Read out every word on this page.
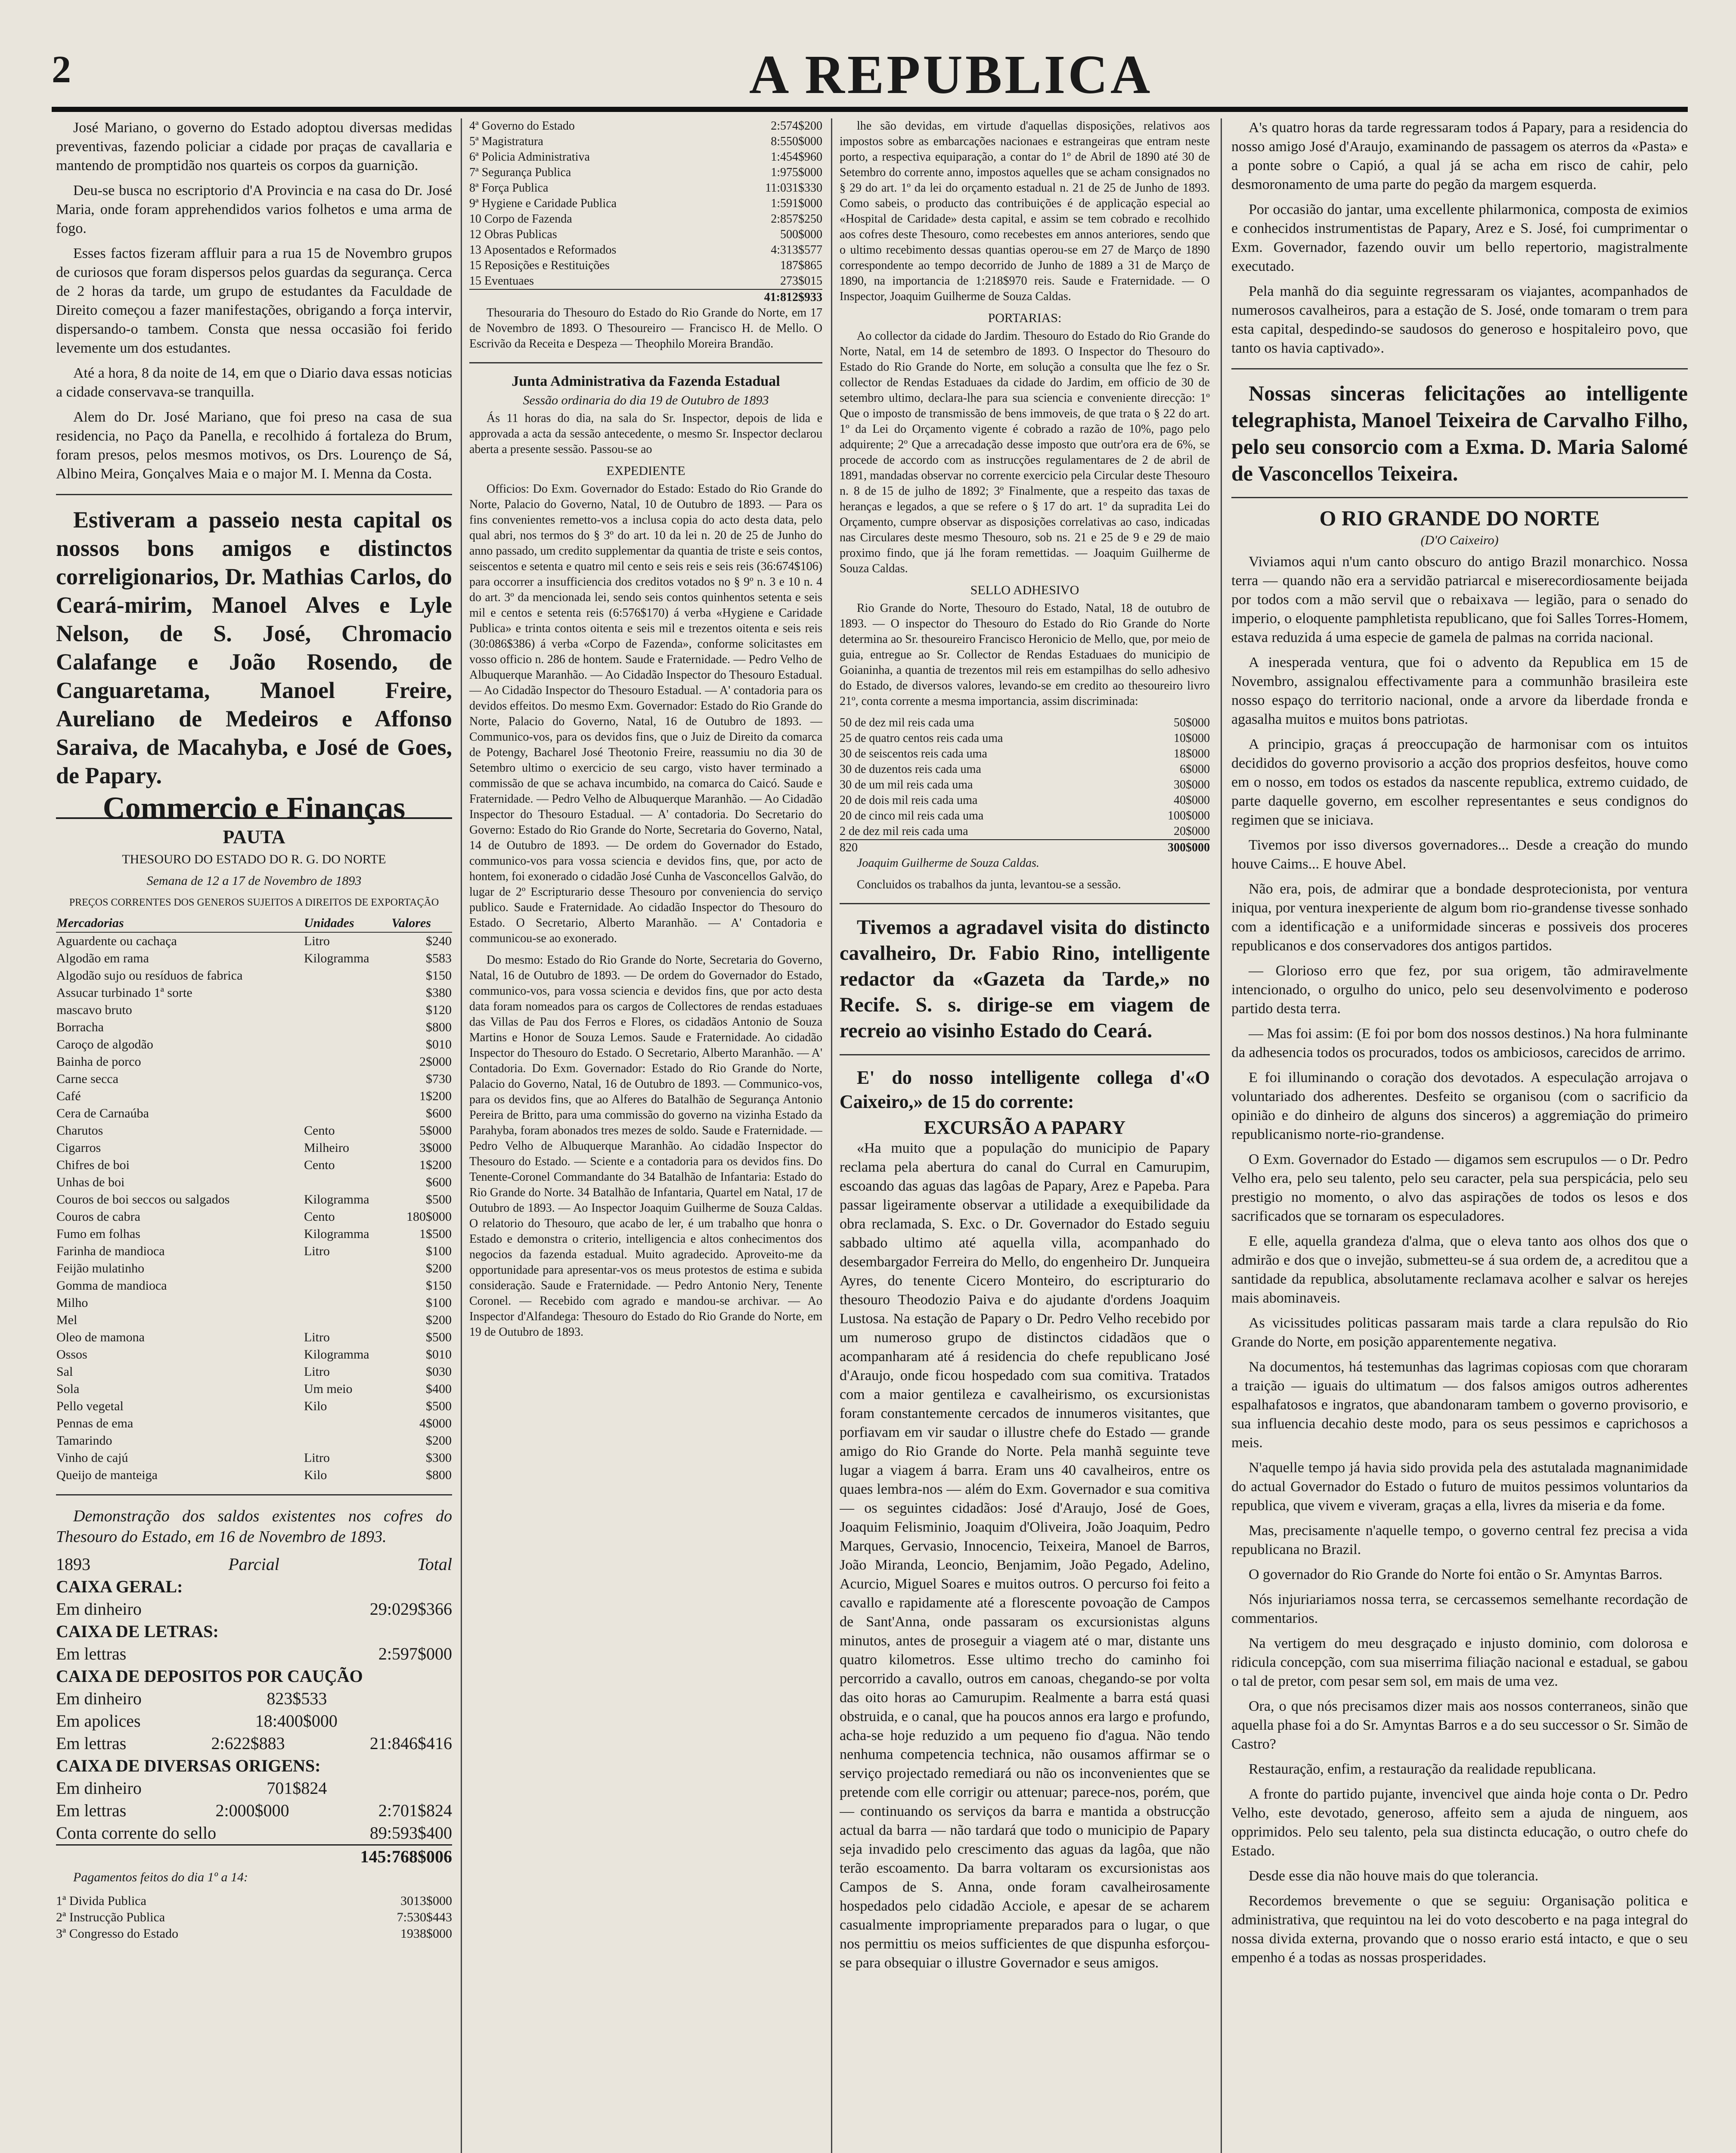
2	A REPUBLICA

José Mariano, o governo do Estado adoptou diversas medidas preventivas, fazendo policiar a cidade por praças de cavallaria e mantendo de promptidão nos quarteis os corpos da guarnição.

Deu-se busca no escriptorio d'A Provincia e na casa do Dr. José Maria, onde foram apprehendidos varios folhetos e uma arma de fogo.

Esses factos fizeram affluir para a rua 15 de Novembro grupos de curiosos que foram dispersos pelos guardas da segurança. Cerca de 2 horas da tarde, um grupo de estudantes da Faculdade de Direito começou a fazer manifestações, obrigando a força intervir, dispersando-o tambem. Consta que nessa occasião foi ferido levemente um dos estudantes.

Até a hora, 8 da noite de 14, em que o Diario dava essas noticias a cidade conservava-se tranquilla.

Alem do Dr. José Mariano, que foi preso na casa de sua residencia, no Paço da Panella, e recolhido á fortaleza do Brum, foram presos, pelos mesmos motivos, os Drs. Lourenço de Sá, Albino Meira, Gonçalves Maia e o major M. I. Menna da Costa.

Estiveram a passeio nesta capital os nossos bons amigos e distinctos correligionarios, Dr. Mathias Carlos, do Ceará-mirim, Manoel Alves e Lyle Nelson, de S. José, Chromacio Calafange e João Rosendo, de Canguaretama, Manoel Freire, Aureliano de Medeiros e Affonso Saraiva, de Macahyba, e José de Goes, de Papary.

Commercio e Finanças
PAUTA
THESOURO DO ESTADO DO R. G. DO NORTE
Semana de 12 a 17 de Novembro de 1893
PREÇOS CORRENTES DOS GENEROS SUJEITOS A DIREITOS DE EXPORTAÇÃO
Mercadorias	Unidades	Valores
Aguardente ou cachaça	Litro	$240
Algodão em rama	Kilogramma	$583
Algodão sujo ou resíduos de fabrica		$150
Assucar turbinado 1ª sorte		$380
mascavo bruto		$120
Borracha		$800
Caroço de algodão		$010
Bainha de porco		2$000
Carne secca		$730
Café		1$200
Cera de Carnaúba		$600
Charutos	Cento	5$000
Cigarros	Milheiro	3$000
Chifres de boi	Cento	1$200
Unhas de boi		$600
Couros de boi seccos ou salgados	Kilogramma	$500
Couros de cabra	Cento	180$000
Fumo em folhas	Kilogramma	1$500
Farinha de mandioca	Litro	$100
Feijão mulatinho		$200
Gomma de mandioca		$150
Milho		$100
Mel		$200
Oleo de mamona	Litro	$500
Ossos	Kilogramma	$010
Sal	Litro	$030
Sola	Um meio	$400
Pello vegetal	Kilo	$500
Pennas de ema		4$000
Tamarindo		$200
Vinho de cajú	Litro	$300
Queijo de manteiga	Kilo	$800

Demonstração dos saldos existentes nos cofres do Thesouro do Estado, em 16 de Novembro de 1893.

1893	Parcial	Total
CAIXA GERAL:
Em dinheiro	29:029$366
CAIXA DE LETRAS:
Em lettras	2:597$000
CAIXA DE DEPOSITOS POR CAUÇÃO
Em dinheiro	823$533
Em apolices	18:400$000
Em lettras	2:622$883	21:846$416
CAIXA DE DIVERSAS ORIGENS:
Em dinheiro	701$824
Em lettras	2:000$000	2:701$824
Conta corrente do sello	89:593$400
145:768$006

Pagamentos feitos do dia 1º a 14:

1ª Divida Publica	3013$000
2ª Instrucção Publica	7:530$443
3ª Congresso do Estado	1938$000
4ª Governo do Estado	2:574$200
5ª Magistratura	8:550$000
6ª Policia Administrativa	1:454$960
7ª Segurança Publica	1:975$000
8ª Força Publica	11:031$330
9ª Hygiene e Caridade Publica	1:591$000
10 Corpo de Fazenda	2:857$250
12 Obras Publicas	500$000
13 Aposentados e Reformados	4:313$577
15 Reposições e Restituições	187$865
15 Eventuaes	273$015
41:812$933

Thesouraria do Thesouro do Estado do Rio Grande do Norte, em 17 de Novembro de 1893. O Thesoureiro — Francisco H. de Mello. O Escrivão da Receita e Despeza — Theophilo Moreira Brandão.

Junta Administrativa da Fazenda Estadual
Sessão ordinaria do dia 19 de Outubro de 1893

Ás 11 horas do dia, na sala do Sr. Inspector, depois de lida e approvada a acta da sessão antecedente, o mesmo Sr. Inspector declarou aberta a presente sessão. Passou-se ao

EXPEDIENTE

Officios: Do Exm. Governador do Estado: Estado do Rio Grande do Norte, Palacio do Governo, Natal, 10 de Outubro de 1893. — Para os fins convenientes remetto-vos a inclusa copia do acto desta data, pelo qual abri, nos termos do § 3º do art. 10 da lei n. 20 de 25 de Junho do anno passado, um credito supplementar da quantia de triste e seis contos, seiscentos e setenta e quatro mil cento e seis reis e seis reis (36:674$106) para occorrer a insufficiencia dos creditos votados no § 9º n. 3 e 10 n. 4 do art. 3º da mencionada lei, sendo seis contos quinhentos setenta e seis mil e centos e setenta reis (6:576$170) á verba «Hygiene e Caridade Publica» e trinta contos oitenta e seis mil e trezentos oitenta e seis reis (30:086$386) á verba «Corpo de Fazenda», conforme solicitastes em vosso officio n. 286 de hontem. Saude e Fraternidade. — Pedro Velho de Albuquerque Maranhão. — Ao Cidadão Inspector do Thesouro Estadual. — Ao Cidadão Inspector do Thesouro Estadual. — A' contadoria para os devidos effeitos. Do mesmo Exm. Governador: Estado do Rio Grande do Norte, Palacio do Governo, Natal, 16 de Outubro de 1893. — Communico-vos, para os devidos fins, que o Juiz de Direito da comarca de Potengy, Bacharel José Theotonio Freire, reassumiu no dia 30 de Setembro ultimo o exercicio de seu cargo, visto haver terminado a commissão de que se achava incumbido, na comarca do Caicó. Saude e Fraternidade. — Pedro Velho de Albuquerque Maranhão. — Ao Cidadão Inspector do Thesouro Estadual. — A' contadoria. Do Secretario do Governo: Estado do Rio Grande do Norte, Secretaria do Governo, Natal, 14 de Outubro de 1893. — De ordem do Governador do Estado, communico-vos para vossa sciencia e devidos fins, que, por acto de hontem, foi exonerado o cidadão José Cunha de Vasconcellos Galvão, do lugar de 2º Escripturario desse Thesouro por conveniencia do serviço publico. Saude e Fraternidade. Ao cidadão Inspector do Thesouro do Estado. O Secretario, Alberto Maranhão. — A' Contadoria e communicou-se ao exonerado.

Do mesmo: Estado do Rio Grande do Norte, Secretaria do Governo, Natal, 16 de Outubro de 1893. — De ordem do Governador do Estado, communico-vos, para vossa sciencia e devidos fins, que por acto desta data foram nomeados para os cargos de Collectores de rendas estaduaes das Villas de Pau dos Ferros e Flores, os cidadãos Antonio de Souza Martins e Honor de Souza Lemos. Saude e Fraternidade. Ao cidadão Inspector do Thesouro do Estado. O Secretario, Alberto Maranhão. — A' Contadoria. Do Exm. Governador: Estado do Rio Grande do Norte, Palacio do Governo, Natal, 16 de Outubro de 1893. — Communico-vos, para os devidos fins, que ao Alferes do Batalhão de Segurança Antonio Pereira de Britto, para uma commissão do governo na vizinha Estado da Parahyba, foram abonados tres mezes de soldo. Saude e Fraternidade. — Pedro Velho de Albuquerque Maranhão. Ao cidadão Inspector do Thesouro do Estado. — Sciente e a contadoria para os devidos fins. Do Tenente-Coronel Commandante do 34 Batalhão de Infantaria: Estado do Rio Grande do Norte. 34 Batalhão de Infantaria, Quartel em Natal, 17 de Outubro de 1893. — Ao Inspector Joaquim Guilherme de Souza Caldas. O relatorio do Thesouro, que acabo de ler, é um trabalho que honra o Estado e demonstra o criterio, intelligencia e altos conhecimentos dos negocios da fazenda estadual. Muito agradecido. Aproveito-me da opportunidade para apresentar-vos os meus protestos de estima e subida consideração. Saude e Fraternidade. — Pedro Antonio Nery, Tenente Coronel. — Recebido com agrado e mandou-se archivar. — Ao Inspector d'Alfandega: Thesouro do Estado do Rio Grande do Norte, em 19 de Outubro de 1893.

lhe são devidas, em virtude d'aquellas disposições, relativos aos impostos sobre as embarcações nacionaes e estrangeiras que entram neste porto, a respectiva equiparação, a contar do 1º de Abril de 1890 até 30 de Setembro do corrente anno, impostos aquelles que se acham consignados no § 29 do art. 1º da lei do orçamento estadual n. 21 de 25 de Junho de 1893. Como sabeis, o producto das contribuições é de applicação especial ao «Hospital de Caridade» desta capital, e assim se tem cobrado e recolhido aos cofres deste Thesouro, como recebestes em annos anteriores, sendo que o ultimo recebimento dessas quantias operou-se em 27 de Março de 1890 correspondente ao tempo decorrido de Junho de 1889 a 31 de Março de 1890, na importancia de 1:218$970 reis. Saude e Fraternidade. — O Inspector, Joaquim Guilherme de Souza Caldas.

PORTARIAS:

Ao collector da cidade do Jardim. Thesouro do Estado do Rio Grande do Norte, Natal, em 14 de setembro de 1893. O Inspector do Thesouro do Estado do Rio Grande do Norte, em solução a consulta que lhe fez o Sr. collector de Rendas Estaduaes da cidade do Jardim, em officio de 30 de setembro ultimo, declara-lhe para sua sciencia e conveniente direcção: 1º Que o imposto de transmissão de bens immoveis, de que trata o § 22 do art. 1º da Lei do Orçamento vigente é cobrado a razão de 10%, pago pelo adquirente; 2º Que a arrecadação desse imposto que outr'ora era de 6%, se procede de accordo com as instrucções regulamentares de 2 de abril de 1891, mandadas observar no corrente exercicio pela Circular deste Thesouro n. 8 de 15 de julho de 1892; 3º Finalmente, que a respeito das taxas de heranças e legados, a que se refere o § 17 do art. 1º da supradita Lei do Orçamento, cumpre observar as disposições correlativas ao caso, indicadas nas Circulares deste mesmo Thesouro, sob ns. 21 e 25 de 9 e 29 de maio proximo findo, que já lhe foram remettidas. — Joaquim Guilherme de Souza Caldas.

SELLO ADHESIVO

Rio Grande do Norte, Thesouro do Estado, Natal, 18 de outubro de 1893. — O inspector do Thesouro do Estado do Rio Grande do Norte determina ao Sr. thesoureiro Francisco Heronicio de Mello, que, por meio de guia, entregue ao Sr. Collector de Rendas Estaduaes do municipio de Goianinha, a quantia de trezentos mil reis em estampilhas do sello adhesivo do Estado, de diversos valores, levando-se em credito ao thesoureiro livro 21º, conta corrente a mesma importancia, assim discriminada:

50 de dez mil reis cada uma	50$000
25 de quatro centos reis cada uma	10$000
30 de seiscentos reis cada uma	18$000
30 de duzentos reis cada uma	6$000
30 de um mil reis cada uma	30$000
20 de dois mil reis cada uma	40$000
20 de cinco mil reis cada uma	100$000
2 de dez mil reis cada uma	20$000
820	300$000

Joaquim Guilherme de Souza Caldas.

Concluidos os trabalhos da junta, levantou-se a sessão.

Tivemos a agradavel visita do distincto cavalheiro, Dr. Fabio Rino, intelligente redactor da «Gazeta da Tarde,» no Recife. S. s. dirige-se em viagem de recreio ao visinho Estado do Ceará.

E' do nosso intelligente collega d'«O Caixeiro,» de 15 do corrente:

EXCURSÃO A PAPARY

«Ha muito que a população do municipio de Papary reclama pela abertura do canal do Curral en Camurupim, escoando das aguas das lagôas de Papary, Arez e Papeba. Para passar ligeiramente observar a utilidade a exequibilidade da obra reclamada, S. Exc. o Dr. Governador do Estado seguiu sabbado ultimo até aquella villa, acompanhado do desembargador Ferreira do Mello, do engenheiro Dr. Junqueira Ayres, do tenente Cicero Monteiro, do escripturario do thesouro Theodozio Paiva e do ajudante d'ordens Joaquim Lustosa. Na estação de Papary o Dr. Pedro Velho recebido por um numeroso grupo de distinctos cidadãos que o acompanharam até á residencia do chefe republicano José d'Araujo, onde ficou hospedado com sua comitiva. Tratados com a maior gentileza e cavalheirismo, os excursionistas foram constantemente cercados de innumeros visitantes, que porfiavam em vir saudar o illustre chefe do Estado — grande amigo do Rio Grande do Norte. Pela manhã seguinte teve lugar a viagem á barra. Eram uns 40 cavalheiros, entre os quaes lembra-nos — além do Exm. Governador e sua comitiva — os seguintes cidadãos: José d'Araujo, José de Goes, Joaquim Felisminio, Joaquim d'Oliveira, João Joaquim, Pedro Marques, Gervasio, Innocencio, Teixeira, Manoel de Barros, João Miranda, Leoncio, Benjamim, João Pegado, Adelino, Acurcio, Miguel Soares e muitos outros. O percurso foi feito a cavallo e rapidamente até a florescente povoação de Campos de Sant'Anna, onde passaram os excursionistas alguns minutos, antes de proseguir a viagem até o mar, distante uns quatro kilometros. Esse ultimo trecho do caminho foi percorrido a cavallo, outros em canoas, chegando-se por volta das oito horas ao Camurupim. Realmente a barra está quasi obstruida, e o canal, que ha poucos annos era largo e profundo, acha-se hoje reduzido a um pequeno fio d'agua. Não tendo nenhuma competencia technica, não ousamos affirmar se o serviço projectado remediará ou não os inconvenientes que se pretende com elle corrigir ou attenuar; parece-nos, porém, que — continuando os serviços da barra e mantida a obstrucção actual da barra — não tardará que todo o municipio de Papary seja invadido pelo crescimento das aguas da lagôa, que não terão escoamento. Da barra voltaram os excursionistas aos Campos de S. Anna, onde foram cavalheirosamente hospedados pelo cidadão Acciole, e apesar de se acharem casualmente impropriamente preparados para o lugar, o que nos permittiu os meios sufficientes de que dispunha esforçou-se para obsequiar o illustre Governador e seus amigos.

A's quatro horas da tarde regressaram todos á Papary, para a residencia do nosso amigo José d'Araujo, examinando de passagem os aterros da «Pasta» e a ponte sobre o Capió, a qual já se acha em risco de cahir, pelo desmoronamento de uma parte do pegão da margem esquerda.

Por occasião do jantar, uma excellente philarmonica, composta de eximios e conhecidos instrumentistas de Papary, Arez e S. José, foi cumprimentar o Exm. Governador, fazendo ouvir um bello repertorio, magistralmente executado.

Pela manhã do dia seguinte regressaram os viajantes, acompanhados de numerosos cavalheiros, para a estação de S. José, onde tomaram o trem para esta capital, despedindo-se saudosos do generoso e hospitaleiro povo, que tanto os havia captivado».

Nossas sinceras felicitações ao intelligente telegraphista, Manoel Teixeira de Carvalho Filho, pelo seu consorcio com a Exma. D. Maria Salomé de Vasconcellos Teixeira.

O RIO GRANDE DO NORTE
(D'O Caixeiro)

Viviamos aqui n'um canto obscuro do antigo Brazil monarchico. Nossa terra — quando não era a servidão patriarcal e miserecordiosamente beijada por todos com a mão servil que o rebaixava — legião, para o senado do imperio, o eloquente pamphletista republicano, que foi Salles Torres-Homem, estava reduzida á uma especie de gamela de palmas na corrida nacional.

A inesperada ventura, que foi o advento da Republica em 15 de Novembro, assignalou effectivamente para a communhão brasileira este nosso espaço do territorio nacional, onde a arvore da liberdade fronda e agasalha muitos e muitos bons patriotas.

A principio, graças á preoccupação de harmonisar com os intuitos decididos do governo provisorio a acção dos proprios desfeitos, houve como em o nosso, em todos os estados da nascente republica, extremo cuidado, de parte daquelle governo, em escolher representantes e seus condignos do regimen que se iniciava.

Tivemos por isso diversos governadores... Desde a creação do mundo houve Caims... E houve Abel.

Não era, pois, de admirar que a bondade desprotecionista, por ventura iniqua, por ventura inexperiente de algum bom rio-grandense tivesse sonhado com a identificação e a uniformidade sinceras e possiveis dos proceres republicanos e dos conservadores dos antigos partidos.

— Glorioso erro que fez, por sua origem, tão admiravelmente intencionado, o orgulho do unico, pelo seu desenvolvimento e poderoso partido desta terra.

— Mas foi assim: (E foi por bom dos nossos destinos.) Na hora fulminante da adhesencia todos os procurados, todos os ambiciosos, carecidos de arrimo.

E foi illuminando o coração dos devotados. A especulação arrojava o voluntariado dos adherentes. Desfeito se organisou (com o sacrificio da opinião e do dinheiro de alguns dos sinceros) a aggremiação do primeiro republicanismo norte-rio-grandense.

O Exm. Governador do Estado — digamos sem escrupulos — o Dr. Pedro Velho era, pelo seu talento, pelo seu caracter, pela sua perspicácia, pelo seu prestigio no momento, o alvo das aspirações de todos os lesos e dos sacrificados que se tornaram os especuladores.

E elle, aquella grandeza d'alma, que o eleva tanto aos olhos dos que o admirão e dos que o invejão, submetteu-se á sua ordem de, a acreditou que a santidade da republica, absolutamente reclamava acolher e salvar os herejes mais abominaveis.

As vicissitudes politicas passaram mais tarde a clara repulsão do Rio Grande do Norte, em posição apparentemente negativa.

Na documentos, há testemunhas das lagrimas copiosas com que choraram a traição — iguais do ultimatum — dos falsos amigos outros adherentes espalhafatosos e ingratos, que abandonaram tambem o governo provisorio, e sua influencia decahio deste modo, para os seus pessimos e caprichosos a meis.

N'aquelle tempo já havia sido provida pela des astutalada magnanimidade do actual Governador do Estado o futuro de muitos pessimos voluntarios da republica, que vivem e viveram, graças a ella, livres da miseria e da fome.

Mas, precisamente n'aquelle tempo, o governo central fez precisa a vida republicana no Brazil.

O governador do Rio Grande do Norte foi então o Sr. Amyntas Barros.

Nós injuriariamos nossa terra, se cercassemos semelhante recordação de commentarios.

Na vertigem do meu desgraçado e injusto dominio, com dolorosa e ridicula concepção, com sua miserrima filiação nacional e estadual, se gabou o tal de pretor, com pesar sem sol, em mais de uma vez.

Ora, o que nós precisamos dizer mais aos nossos conterraneos, sinão que aquella phase foi a do Sr. Amyntas Barros e a do seu successor o Sr. Simão de Castro?

Restauração, enfim, a restauração da realidade republicana.

A fronte do partido pujante, invencivel que ainda hoje conta o Dr. Pedro Velho, este devotado, generoso, affeito sem a ajuda de ninguem, aos opprimidos. Pelo seu talento, pela sua distincta educação, o outro chefe do Estado.

Desde esse dia não houve mais do que tolerancia.

Recordemos brevemente o que se seguiu: Organisação politica e administrativa, que requintou na lei do voto descoberto e na paga integral do nossa divida externa, provando que o nosso erario está intacto, e que o seu empenho é a todas as nossas prosperidades.
